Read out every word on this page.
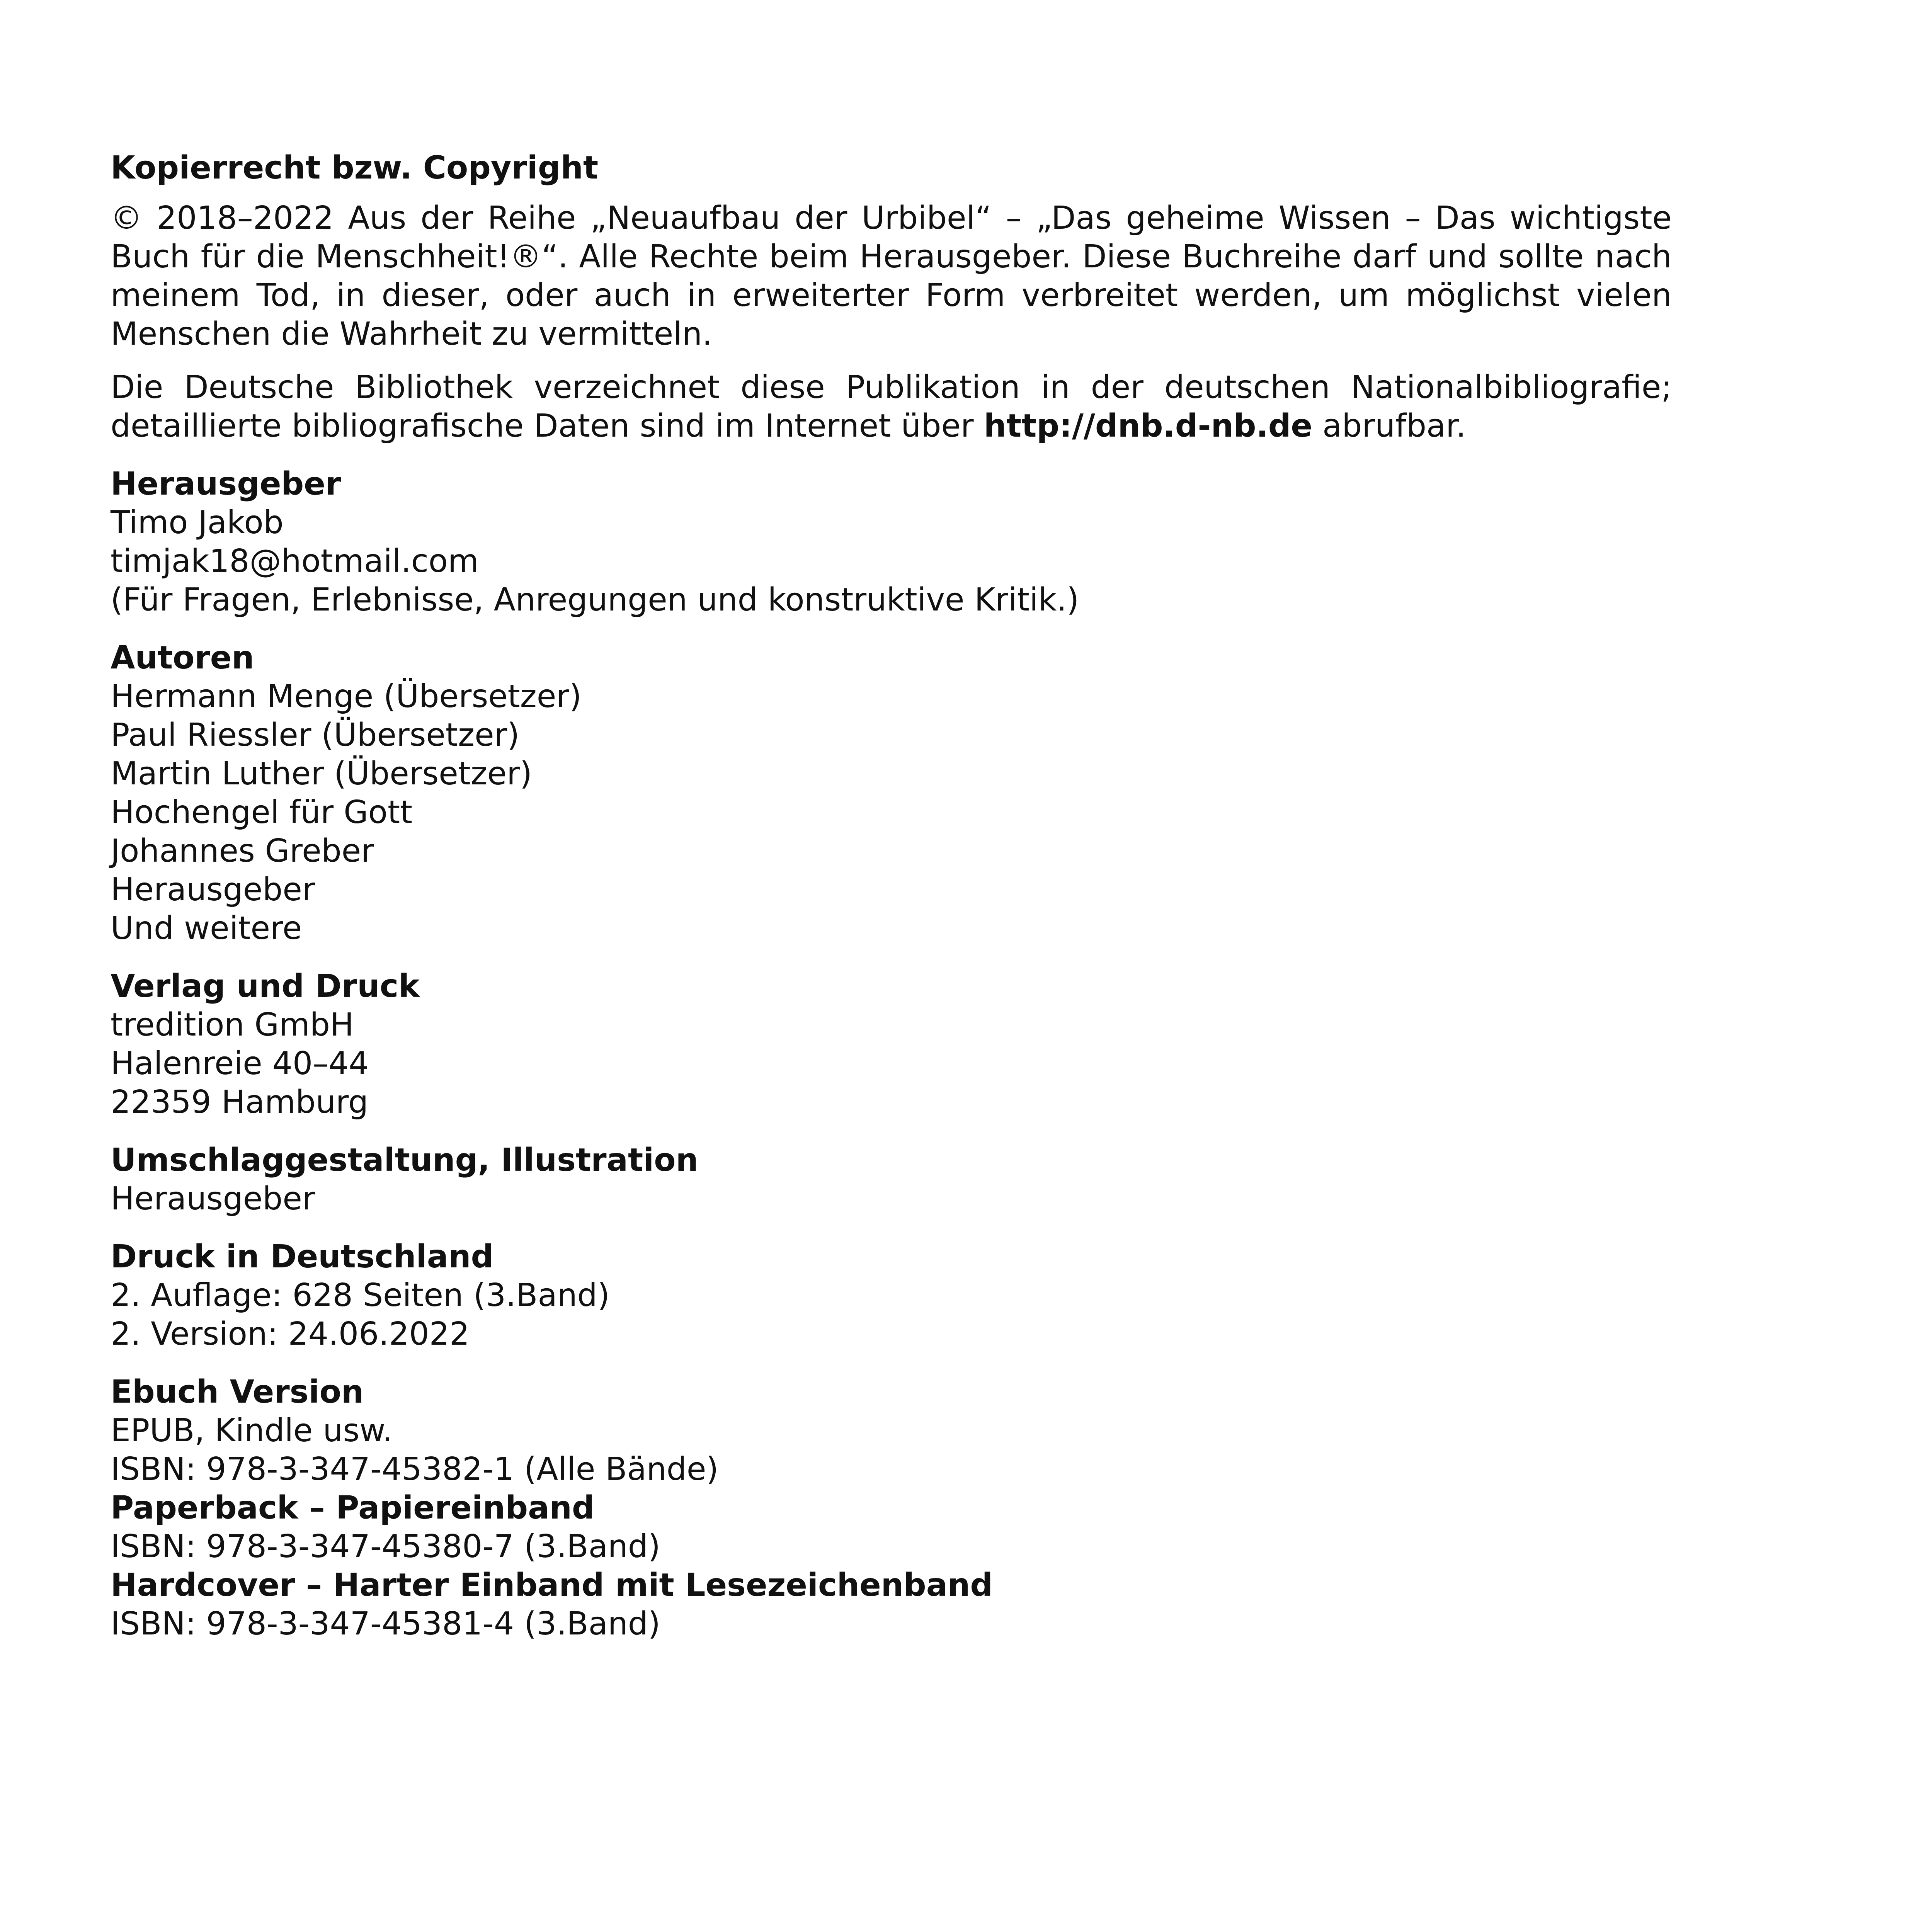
Kopierrecht bzw. Copyright

© 2018–2022 Aus der Reihe „Neuaufbau der Urbibel“ – „Das geheime Wissen – Das wichtigste Buch für die Menschheit!®“. Alle Rechte beim Herausgeber. Diese Buchreihe darf und sollte nach meinem Tod, in dieser, oder auch in erweiterter Form verbreitet werden, um möglichst vielen Menschen die Wahrheit zu vermitteln.

Die Deutsche Bibliothek verzeichnet diese Publikation in der deutschen Nationalbibliografie; detaillierte bibliografische Daten sind im Internet über http://dnb.d-nb.de abrufbar.

Herausgeber

Timo Jakob

timjak18@hotmail.com

(Für Fragen, Erlebnisse, Anregungen und konstruktive Kritik.)

Autoren

Hermann Menge (Übersetzer)

Paul Riessler (Übersetzer)

Martin Luther (Übersetzer)

Hochengel für Gott

Johannes Greber

Herausgeber

Und weitere

Verlag und Druck

tredition GmbH

Halenreie 40–44

22359 Hamburg

Umschlaggestaltung, Illustration

Herausgeber

Druck in Deutschland

2. Auflage: 628 Seiten (3.Band)

2. Version: 24.06.2022

Ebuch Version

EPUB, Kindle usw.

ISBN: 978-3-347-45382-1 (Alle Bände)

Paperback – Papiereinband

ISBN: 978-3-347-45380-7 (3.Band)

Hardcover – Harter Einband mit Lesezeichenband

ISBN: 978-3-347-45381-4 (3.Band)
